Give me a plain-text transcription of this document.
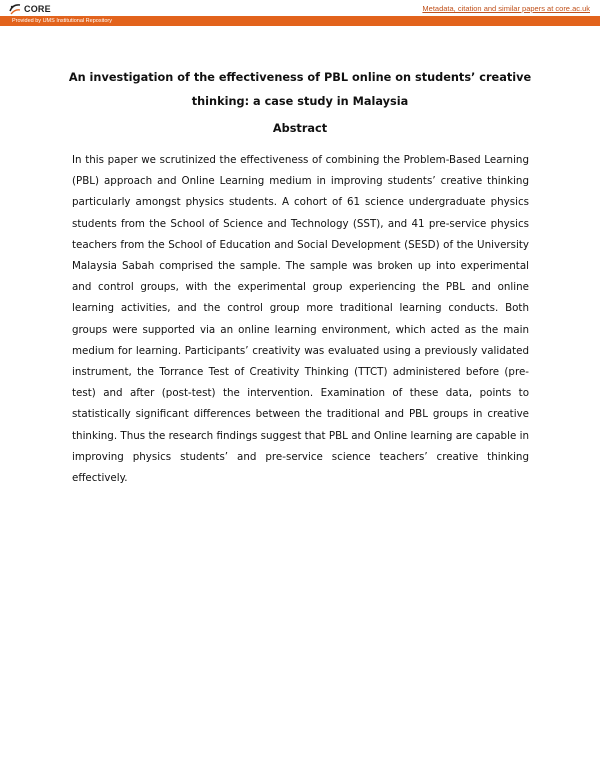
CORE	Metadata, citation and similar papers at core.ac.uk
Provided by UMS Institutional Repository
An investigation of the effectiveness of PBL online on students’ creative thinking: a case study in Malaysia
Abstract
In this paper we scrutinized the effectiveness of combining the Problem-Based Learning (PBL) approach and Online Learning medium in improving students’ creative thinking particularly amongst physics students. A cohort of 61 science undergraduate physics students from the School of Science and Technology (SST), and 41 pre-service physics teachers from the School of Education and Social Development (SESD) of the University Malaysia Sabah comprised the sample. The sample was broken up into experimental and control groups, with the experimental group experiencing the PBL and online learning activities, and the control group more traditional learning conducts. Both groups were supported via an online learning environment, which acted as the main medium for learning. Participants’ creativity was evaluated using a previously validated instrument, the Torrance Test of Creativity Thinking (TTCT) administered before (pre-test) and after (post-test) the intervention. Examination of these data, points to statistically significant differences between the traditional and PBL groups in creative thinking. Thus the research findings suggest that PBL and Online learning are capable in improving physics students’ and pre-service science teachers’ creative thinking effectively.
